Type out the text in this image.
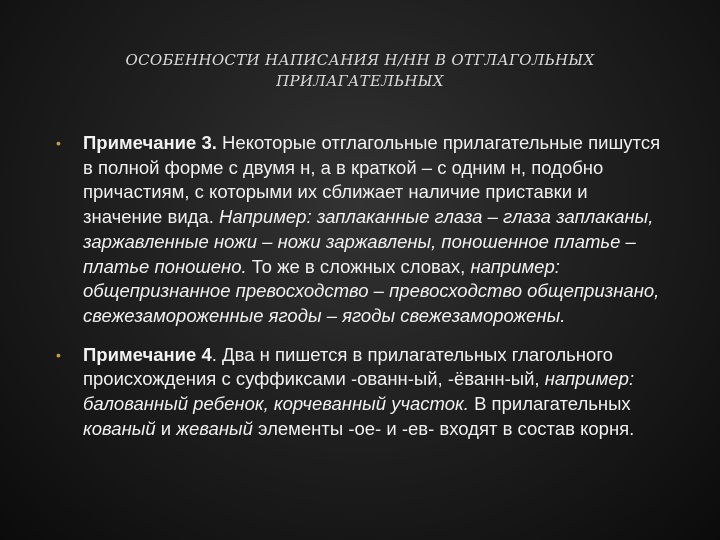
ОСОБЕННОСТИ НАПИСАНИЯ Н/НН В ОТГЛАГОЛЬНЫХ
ПРИЛАГАТЕЛЬНЫХ
• Примечание 3. Некоторые отглагольные прилагательные пишутся в полной форме с двумя н, а в краткой – с одним н, подобно причастиям, с которыми их сближает наличие приставки и значение вида. Например: заплаканные глаза – глаза заплаканы, заржавленные ножи – ножи заржавлены, поношенное платье – платье поношено. То же в сложных словах, например: общепризнанное превосходство – превосходство общепризнано, свежезамороженные ягоды – ягоды свежезаморожены.
• Примечание 4. Два н пишется в прилагательных глагольного происхождения с суффиксами -ованн-ый, -ёванн-ый, например: балованный ребенок, корчеванный участок. В прилагательных кованый и жеваный элементы -ое- и -ев- входят в состав корня.
